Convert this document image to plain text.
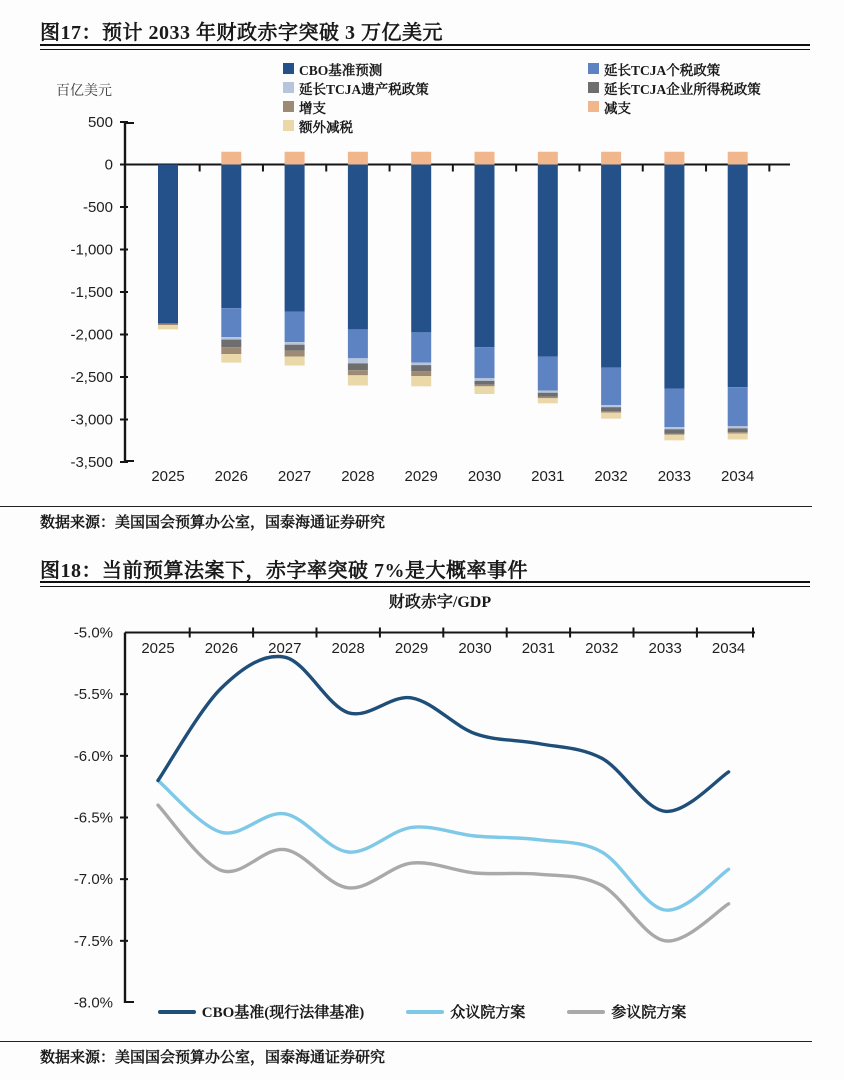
图17：预计 2033 年财政赤字突破 3 万亿美元
CBO基准预测
延长TCJA遗产税政策
增支
额外减税
延长TCJA个税政策
延长TCJA企业所得税政策
减支
百亿美元
500
0
-500
-1,000
-1,500
-2,000
-2,500
-3,000
-3,500
2025 2026 2027 2028 2029 2030 2031 2032 2033 2034
-5.0%
-5.5%
-6.0%
-6.5%
-7.0%
-7.5%
-8.0%
2025 2026 2027 2028 2029 2030 2031 2032 2033 2034
数据来源：美国国会预算办公室，国泰海通证券研究
图18：当前预算法案下，赤字率突破 7%是大概率事件
财政赤字/GDP
CBO基准(现行法律基准)	众议院方案	参议院方案
数据来源：美国国会预算办公室，国泰海通证券研究
